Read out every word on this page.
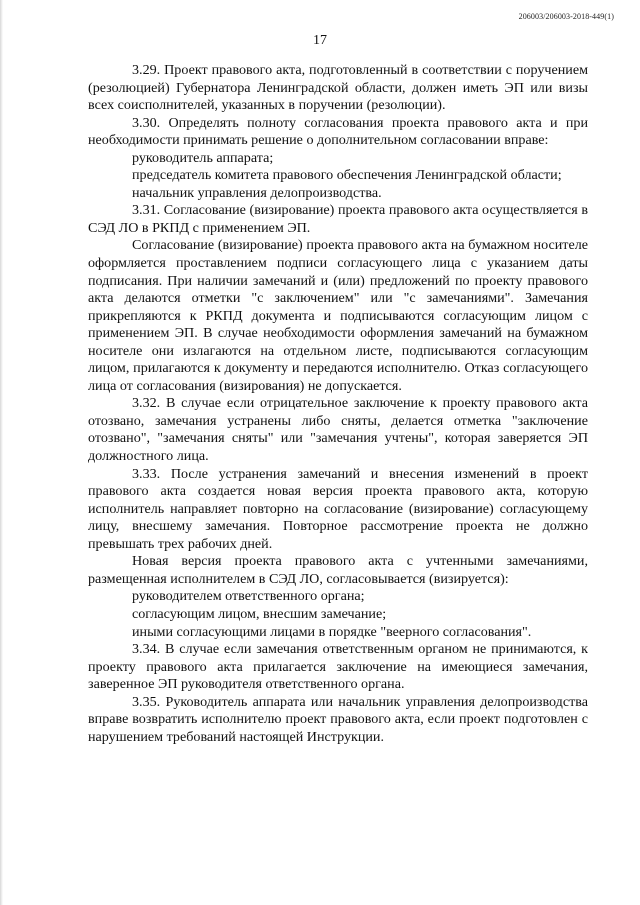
206003/206003-2018-449(1)
17

3.29. Проект правового акта, подготовленный в соответствии с поручением (резолюцией) Губернатора Ленинградской области, должен иметь ЭП или визы всех соисполнителей, указанных в поручении (резолюции).

3.30. Определять полноту согласования проекта правового акта и при необходимости принимать решение о дополнительном согласовании вправе:

руководитель аппарата;

председатель комитета правового обеспечения Ленинградской области;

начальник управления делопроизводства.

3.31. Согласование (визирование) проекта правового акта осуществляется в СЭД ЛО в РКПД с применением ЭП.

Согласование (визирование) проекта правового акта на бумажном носителе оформляется проставлением подписи согласующего лица с указанием даты подписания. При наличии замечаний и (или) предложений по проекту правового акта делаются отметки "с заключением" или "с замечаниями". Замечания прикрепляются к РКПД документа и подписываются согласующим лицом с применением ЭП. В случае необходимости оформления замечаний на бумажном носителе они излагаются на отдельном листе, подписываются согласующим лицом, прилагаются к документу и передаются исполнителю. Отказ согласующего лица от согласования (визирования) не допускается.

3.32. В случае если отрицательное заключение к проекту правового акта отозвано, замечания устранены либо сняты, делается отметка "заключение отозвано", "замечания сняты" или "замечания учтены", которая заверяется ЭП должностного лица.

3.33. После устранения замечаний и внесения изменений в проект правового акта создается новая версия проекта правового акта, которую исполнитель направляет повторно на согласование (визирование) согласующему лицу, внесшему замечания. Повторное рассмотрение проекта не должно превышать трех рабочих дней.

Новая версия проекта правового акта с учтенными замечаниями, размещенная исполнителем в СЭД ЛО, согласовывается (визируется):

руководителем ответственного органа;

согласующим лицом, внесшим замечание;

иными согласующими лицами в порядке "веерного согласования".

3.34. В случае если замечания ответственным органом не принимаются, к проекту правового акта прилагается заключение на имеющиеся замечания, заверенное ЭП руководителя ответственного органа.

3.35. Руководитель аппарата или начальник управления делопроизводства вправе возвратить исполнителю проект правового акта, если проект подготовлен с нарушением требований настоящей Инструкции.
